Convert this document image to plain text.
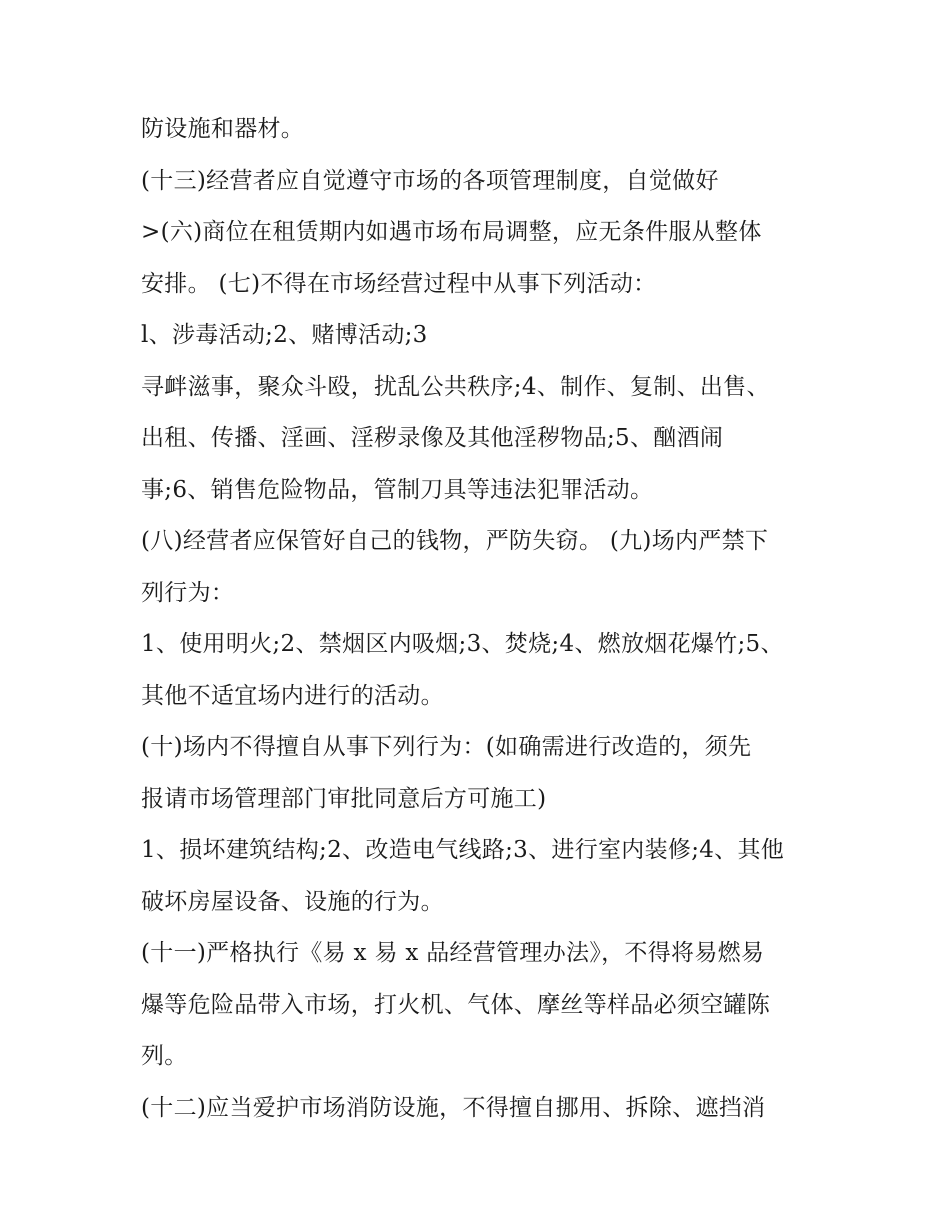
防设施和器材。
(十三)经营者应自觉遵守市场的各项管理制度，自觉做好
>(六)商位在租赁期内如遇市场布局调整，应无条件服从整体
安排。 (七)不得在市场经营过程中从事下列活动：
l、涉毒活动;2、赌博活动;3
寻衅滋事，聚众斗殴，扰乱公共秩序;4、制作、复制、出售、
出租、传播、淫画、淫秽录像及其他淫秽物品;5、酗酒闹
事;6、销售危险物品，管制刀具等违法犯罪活动。
(八)经营者应保管好自己的钱物，严防失窃。 (九)场内严禁下
列行为：
1、使用明火;2、禁烟区内吸烟;3、焚烧;4、燃放烟花爆竹;5、
其他不适宜场内进行的活动。
(十)场内不得擅自从事下列行为：(如确需进行改造的，须先
报请市场管理部门审批同意后方可施工)
1、损坏建筑结构;2、改造电气线路;3、进行室内装修;4、其他
破坏房屋设备、设施的行为。
(十一)严格执行《易 x 易 x 品经营管理办法》，不得将易燃易
爆等危险品带入市场，打火机、气体、摩丝等样品必须空罐陈
列。
(十二)应当爱护市场消防设施，不得擅自挪用、拆除、遮挡消
